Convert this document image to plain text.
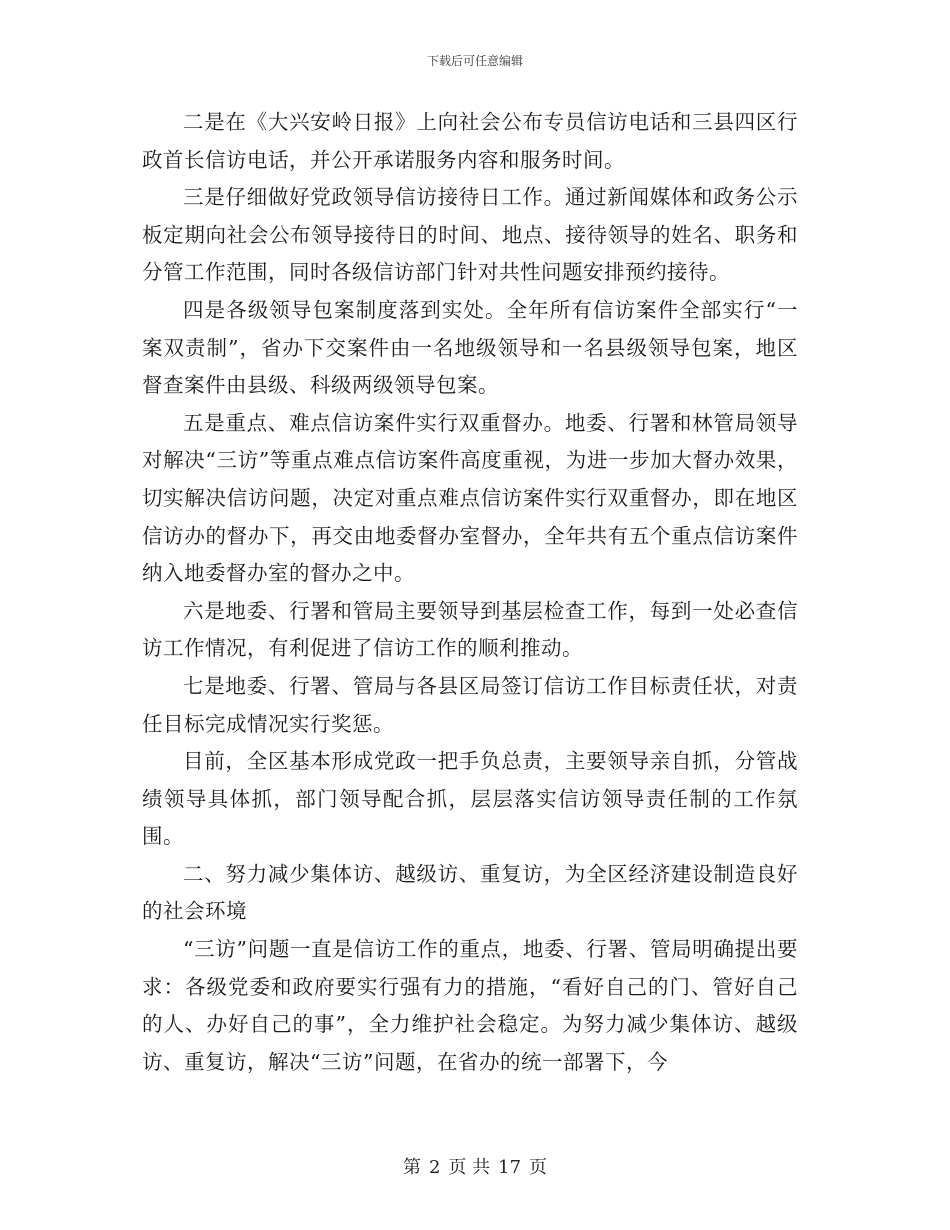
下载后可任意编辑

二是在《大兴安岭日报》上向社会公布专员信访电话和三县四区行政首长信访电话，并公开承诺服务内容和服务时间。

三是仔细做好党政领导信访接待日工作。通过新闻媒体和政务公示板定期向社会公布领导接待日的时间、地点、接待领导的姓名、职务和分管工作范围，同时各级信访部门针对共性问题安排预约接待。

四是各级领导包案制度落到实处。全年所有信访案件全部实行“一案双责制”，省办下交案件由一名地级领导和一名县级领导包案，地区督查案件由县级、科级两级领导包案。

五是重点、难点信访案件实行双重督办。地委、行署和林管局领导对解决“三访”等重点难点信访案件高度重视，为进一步加大督办效果，切实解决信访问题，决定对重点难点信访案件实行双重督办，即在地区信访办的督办下，再交由地委督办室督办，全年共有五个重点信访案件纳入地委督办室的督办之中。

六是地委、行署和管局主要领导到基层检查工作，每到一处必查信访工作情况，有利促进了信访工作的顺利推动。

七是地委、行署、管局与各县区局签订信访工作目标责任状，对责任目标完成情况实行奖惩。

目前，全区基本形成党政一把手负总责，主要领导亲自抓，分管战绩领导具体抓，部门领导配合抓，层层落实信访领导责任制的工作氛围。

二、努力减少集体访、越级访、重复访，为全区经济建设制造良好的社会环境

“三访”问题一直是信访工作的重点，地委、行署、管局明确提出要求：各级党委和政府要实行强有力的措施，“看好自己的门、管好自己的人、办好自己的事”，全力维护社会稳定。为努力减少集体访、越级访、重复访，解决“三访”问题，在省办的统一部署下，今

第 2 页 共 17 页
